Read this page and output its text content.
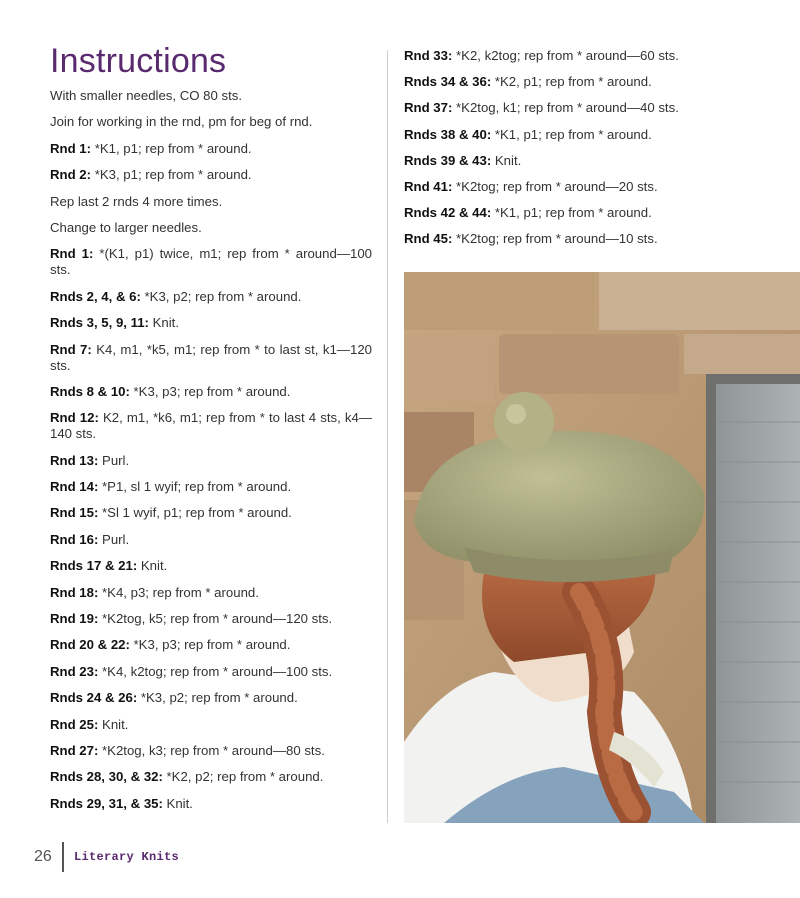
Instructions

With smaller needles, CO 80 sts.

Join for working in the rnd, pm for beg of rnd.

Rnd 1: *K1, p1; rep from * around.

Rnd 2: *K3, p1; rep from * around.

Rep last 2 rnds 4 more times.

Change to larger needles.

Rnd 1: *(K1, p1) twice, m1; rep from * around—100 sts.

Rnds 2, 4, & 6: *K3, p2; rep from * around.

Rnds 3, 5, 9, 11: Knit.

Rnd 7: K4, m1, *k5, m1; rep from * to last st, k1—120 sts.

Rnds 8 & 10: *K3, p3; rep from * around.

Rnd 12: K2, m1, *k6, m1; rep from * to last 4 sts, k4—140 sts.

Rnd 13: Purl.

Rnd 14: *P1, sl 1 wyif; rep from * around.

Rnd 15: *Sl 1 wyif, p1; rep from * around.

Rnd 16: Purl.

Rnds 17 & 21: Knit.

Rnd 18: *K4, p3; rep from * around.

Rnd 19: *K2tog, k5; rep from * around—120 sts.

Rnd 20 & 22: *K3, p3; rep from * around.

Rnd 23: *K4, k2tog; rep from * around—100 sts.

Rnds 24 & 26: *K3, p2; rep from * around.

Rnd 25: Knit.

Rnd 27: *K2tog, k3; rep from * around—80 sts.

Rnds 28, 30, & 32: *K2, p2; rep from * around.

Rnds 29, 31, & 35: Knit.

Rnd 33: *K2, k2tog; rep from * around—60 sts.

Rnds 34 & 36: *K2, p1; rep from * around.

Rnd 37: *K2tog, k1; rep from * around—40 sts.

Rnds 38 & 40: *K1, p1; rep from * around.

Rnds 39 & 43: Knit.

Rnd 41: *K2tog; rep from * around—20 sts.

Rnds 42 & 44: *K1, p1; rep from * around.

Rnd 45: *K2tog; rep from * around—10 sts.

26 Literary Knits
